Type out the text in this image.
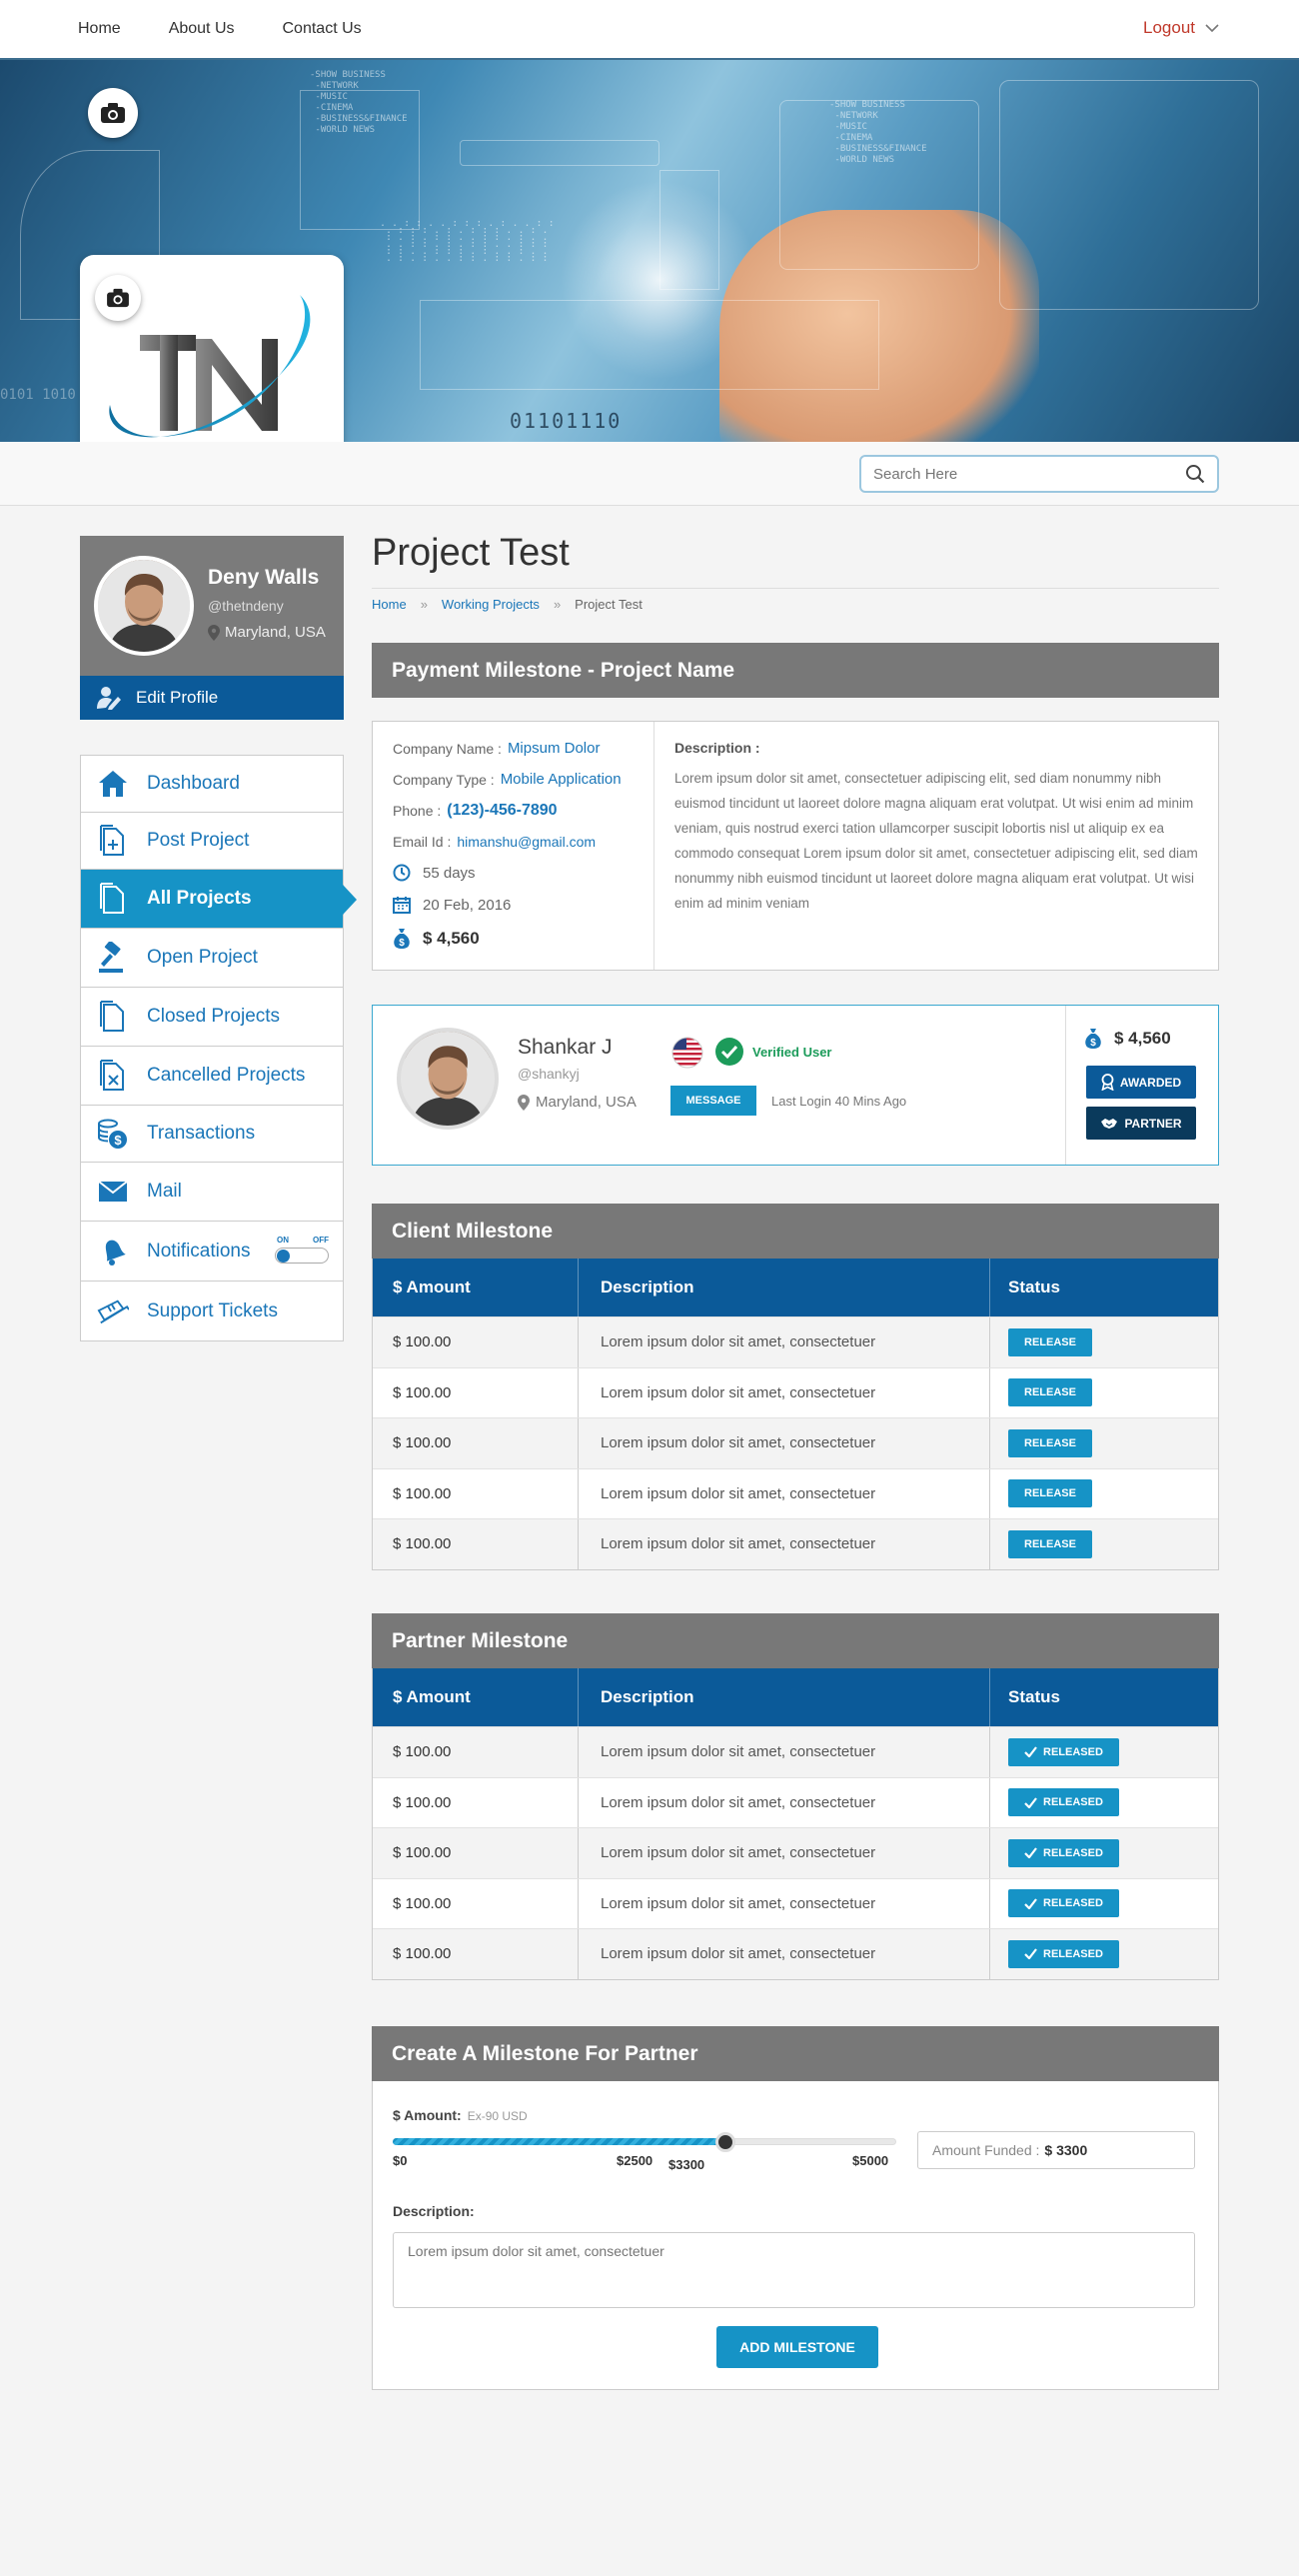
Home	About Us	Contact Us	Logout
-SHOW BUSINESS
-NETWORK
-MUSIC
-CINEMA
-BUSINESS&FINANCE
-WORLD NEWS
-SHOW BUSINESS
-NETWORK
-MUSIC
-CINEMA
-BUSINESS&FINANCE
-WORLD NEWS
. . : : . . : : : . : . . : :
. : : : . : . : : : . . : .
: . : . : : . . : : . : . .
. . : : . : . : : . . : : :
: : . . : : : . : . . : . .
. : . : . . : : . : : . : :
01101110
0101 1010
Search Here
Deny Walls
@thetndeny
Maryland, USA
Edit Profile
Dashboard
Post Project
All Projects
Open Project
Closed Projects
Cancelled Projects
$ Transactions
Mail
Notifications	ON	OFF
Support Tickets
Project Test
Home » Working Projects » Project Test
Payment Milestone - Project Name
Company Name : Mipsum Dolor
Company Type : Mobile Application
Phone : (123)-456-7890
Email Id : himanshu@gmail.com
55 days
20 Feb, 2016
$ $ 4,560
Description :
Lorem ipsum dolor sit amet, consectetuer adipiscing elit, sed diam nonummy nibh euismod tincidunt ut laoreet dolore magna aliquam erat volutpat. Ut wisi enim ad minim veniam, quis nostrud exerci tation ullamcorper suscipit lobortis nisl ut aliquip ex ea commodo consequat Lorem ipsum dolor sit amet, consectetuer adipiscing elit, sed diam nonummy nibh euismod tincidunt ut laoreet dolore magna aliquam erat volutpat. Ut wisi enim ad minim veniam
Shankar J
@shankyj
Maryland, USA
Verified User
MESSAGE	Last Login 40 Mins Ago
$ $ 4,560
AWARDED
PARTNER
Client Milestone
$ Amount	Description	Status
$ 100.00	Lorem ipsum dolor sit amet, consectetuer	RELEASE
$ 100.00	Lorem ipsum dolor sit amet, consectetuer	RELEASE
$ 100.00	Lorem ipsum dolor sit amet, consectetuer	RELEASE
$ 100.00	Lorem ipsum dolor sit amet, consectetuer	RELEASE
$ 100.00	Lorem ipsum dolor sit amet, consectetuer	RELEASE
Partner Milestone
$ Amount	Description	Status
$ 100.00	Lorem ipsum dolor sit amet, consectetuer	RELEASED
$ 100.00	Lorem ipsum dolor sit amet, consectetuer	RELEASED
$ 100.00	Lorem ipsum dolor sit amet, consectetuer	RELEASED
$ 100.00	Lorem ipsum dolor sit amet, consectetuer	RELEASED
$ 100.00	Lorem ipsum dolor sit amet, consectetuer	RELEASED
Create A Milestone For Partner
$ Amount: Ex-90 USD
$0	$2500 $3300	$5000
Amount Funded : $ 3300
Description:
Lorem ipsum dolor sit amet, consectetuer
ADD MILESTONE
